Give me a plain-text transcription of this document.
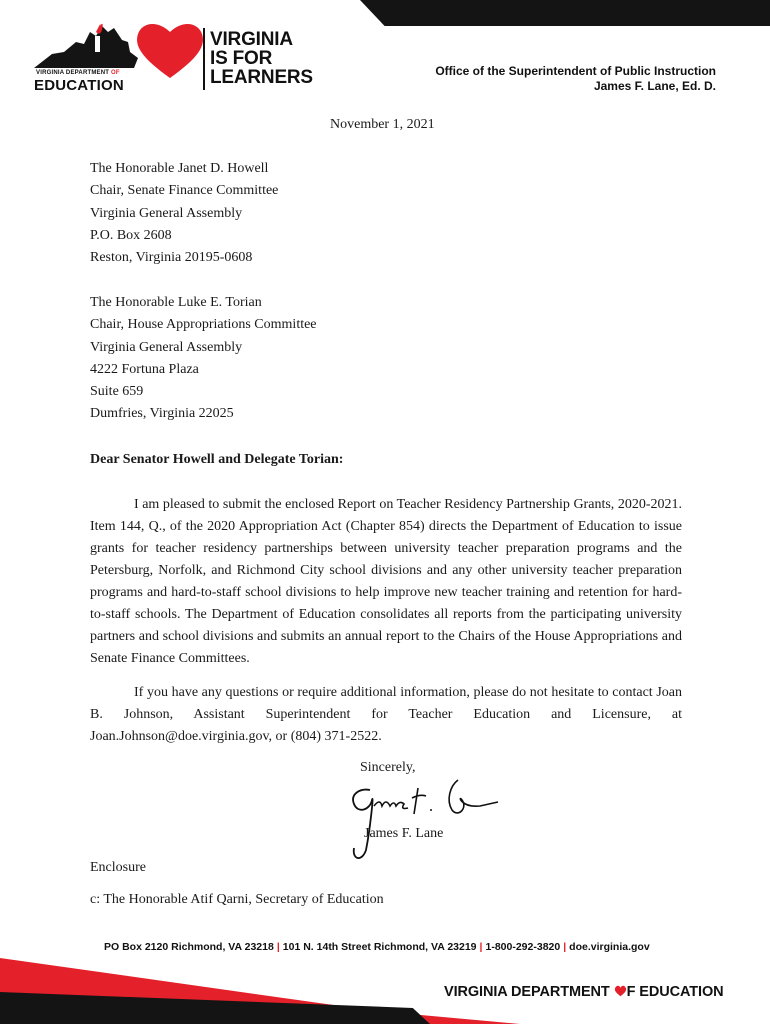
VIRGINIA DEPARTMENT OF
EDUCATION
VIRGINIA
IS FOR
LEARNERS	Office of the Superintendent of Public Instruction
James F. Lane, Ed. D.
November 1, 2021
The Honorable Janet D. Howell
Chair, Senate Finance Committee
Virginia General Assembly
P.O. Box 2608
Reston, Virginia 20195-0608
The Honorable Luke E. Torian
Chair, House Appropriations Committee
Virginia General Assembly
4222 Fortuna Plaza
Suite 659
Dumfries, Virginia 22025
Dear Senator Howell and Delegate Torian:
I am pleased to submit the enclosed Report on Teacher Residency Partnership Grants, 2020-2021. Item 144, Q., of the 2020 Appropriation Act (Chapter 854) directs the Department of Education to issue grants for teacher residency partnerships between university teacher preparation programs and the Petersburg, Norfolk, and Richmond City school divisions and any other university teacher preparation programs and hard-to-staff school divisions to help improve new teacher training and retention for hard- to-staff schools. The Department of Education consolidates all reports from the participating university partners and school divisions and submits an annual report to the Chairs of the House Appropriations and Senate Finance Committees.
If you have any questions or require additional information, please do not hesitate to contact Joan B. Johnson, Assistant Superintendent for Teacher Education and Licensure, at Joan.Johnson@doe.virginia.gov, or (804) 371-2522.
Sincerely,
James F. Lane
Enclosure
c: The Honorable Atif Qarni, Secretary of Education
PO Box 2120 Richmond, VA 23218 | 101 N. 14th Street Richmond, VA 23219 | 1-800-292-3820 | doe.virginia.gov
VIRGINIA DEPARTMENT F EDUCATION
